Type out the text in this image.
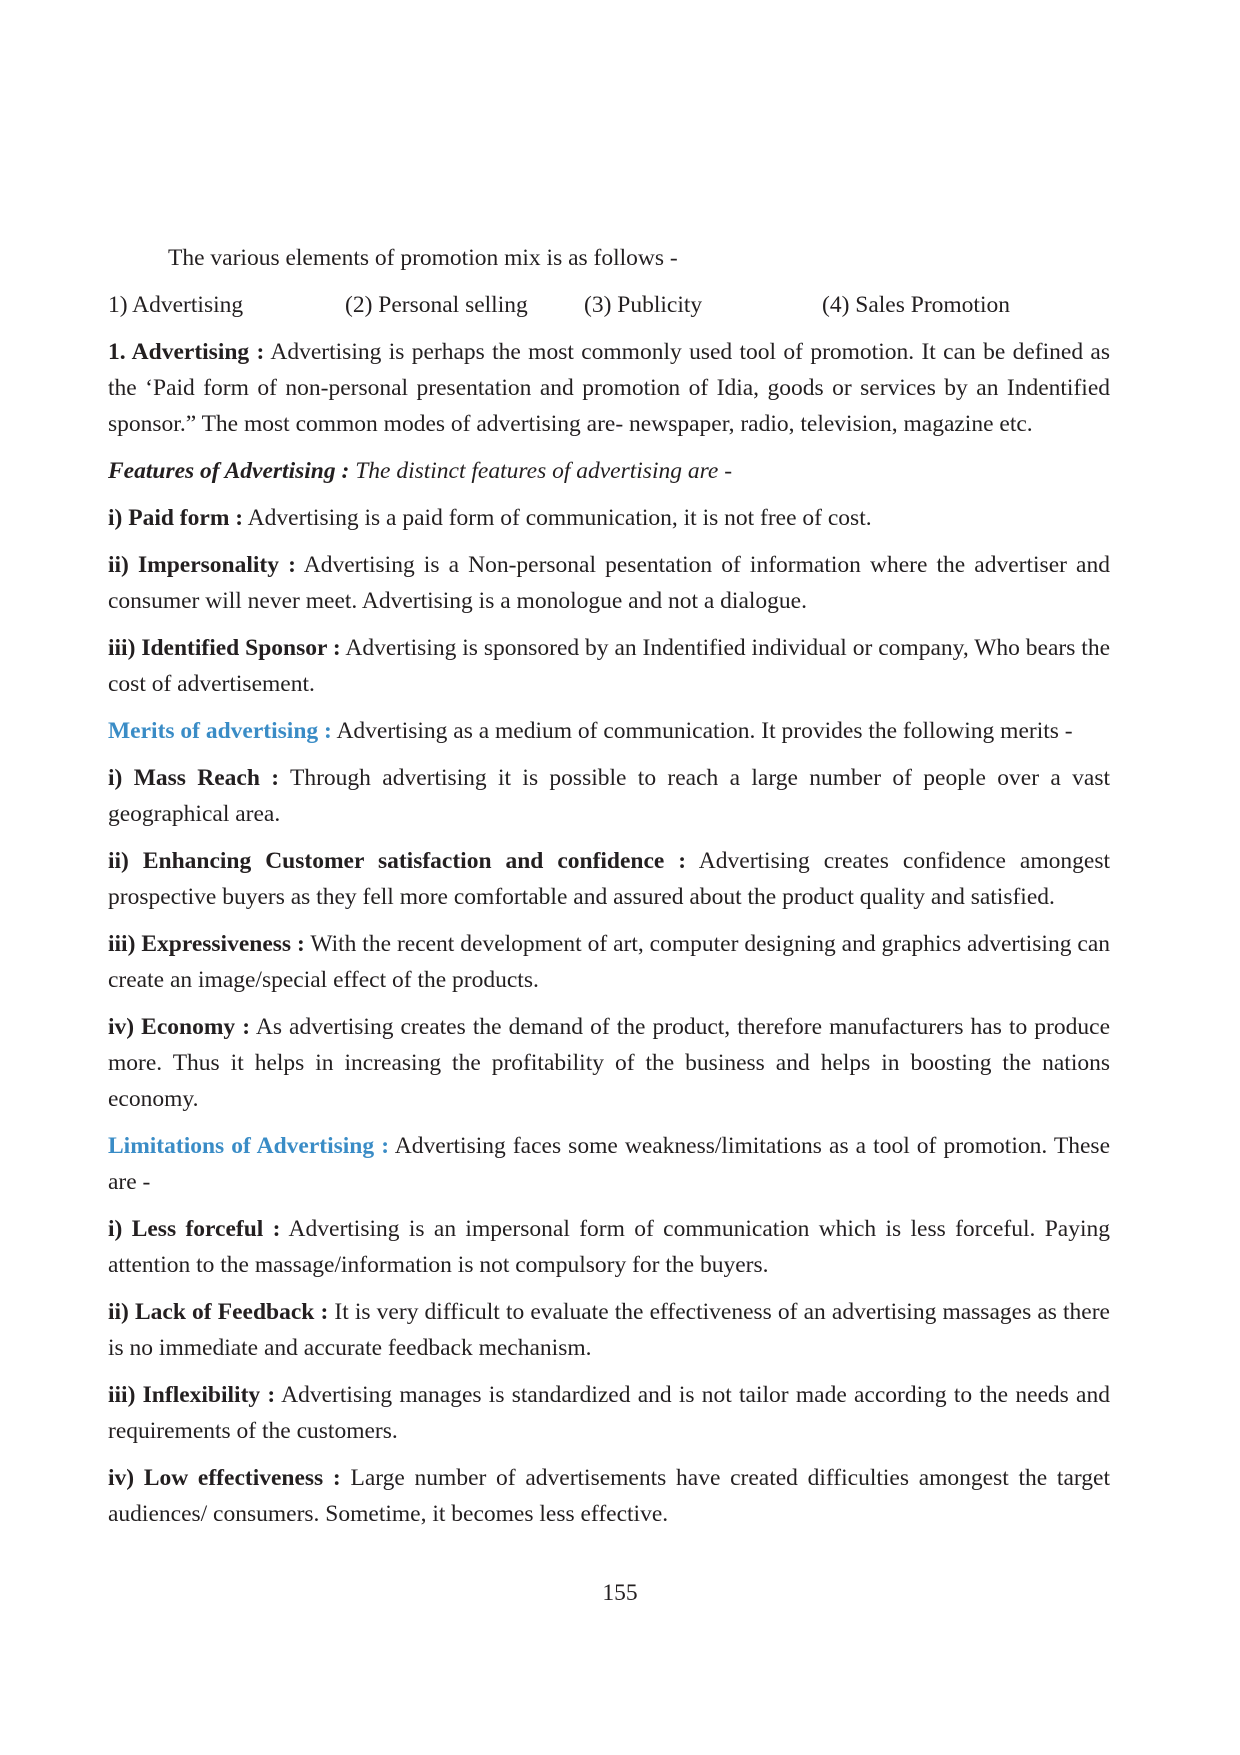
The various elements of promotion mix is as follows -

1) Advertising	(2) Personal selling (3) Publicity	(4) Sales Promotion

1. Advertising : Advertising is perhaps the most commonly used tool of promotion. It can be defined as the ‘Paid form of non-personal presentation and promotion of Idia, goods or services by an Indentified sponsor.” The most common modes of advertising are- newspaper, radio, television, magazine etc.

Features of Advertising : The distinct features of advertising are -

i) Paid form : Advertising is a paid form of communication, it is not free of cost.

ii) Impersonality : Advertising is a Non-personal pesentation of information where the advertiser and consumer will never meet. Advertising is a monologue and not a dialogue.

iii) Identified Sponsor : Advertising is sponsored by an Indentified individual or company, Who bears the cost of advertisement.

Merits of advertising : Advertising as a medium of communication. It provides the following merits -

i) Mass Reach : Through advertising it is possible to reach a large number of people over a vast geographical area.

ii) Enhancing Customer satisfaction and confidence : Advertising creates confidence amongest prospective buyers as they fell more comfortable and assured about the product quality and satisfied.

iii) Expressiveness : With the recent development of art, computer designing and graphics advertising can create an image/special effect of the products.

iv) Economy : As advertising creates the demand of the product, therefore manufacturers has to produce more. Thus it helps in increasing the profitability of the business and helps in boosting the nations economy.

Limitations of Advertising : Advertising faces some weakness/limitations as a tool of promotion. These are -

i) Less forceful : Advertising is an impersonal form of communication which is less forceful. Paying attention to the massage/information is not compulsory for the buyers.

ii) Lack of Feedback : It is very difficult to evaluate the effectiveness of an advertising massages as there is no immediate and accurate feedback mechanism.

iii) Inflexibility : Advertising manages is standardized and is not tailor made according to the needs and requirements of the customers.

iv) Low effectiveness : Large number of advertisements have created difficulties amongest the target audiences/ consumers. Sometime, it becomes less effective.

155
